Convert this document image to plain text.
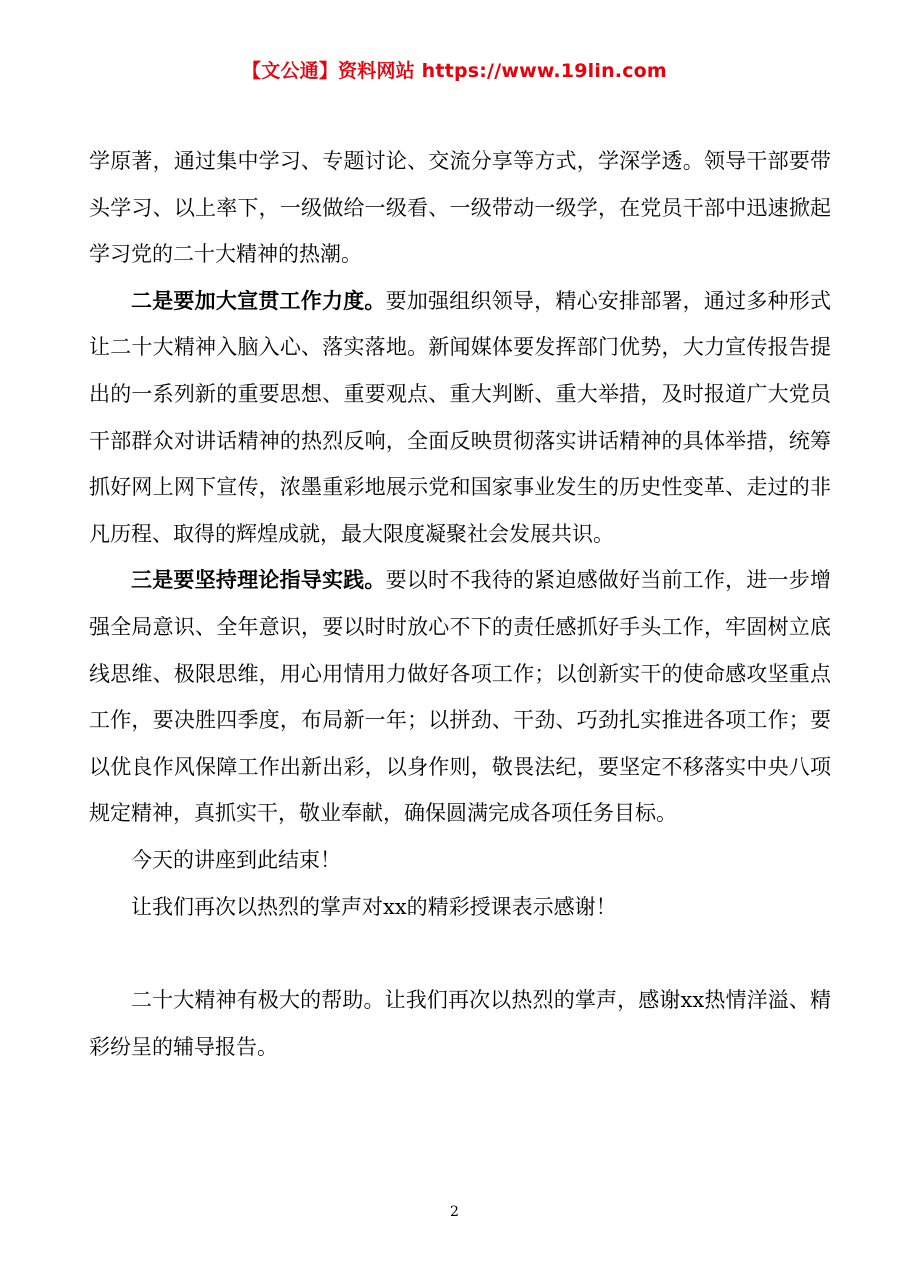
【文公通】资料网站 https://www.19lin.com

学原著，通过集中学习、专题讨论、交流分享等方式，学深学透。领导干部要带头学习、以上率下，一级做给一级看、一级带动一级学，在党员干部中迅速掀起学习党的二十大精神的热潮。

二是要加大宣贯工作力度。要加强组织领导，精心安排部署，通过多种形式让二十大精神入脑入心、落实落地。新闻媒体要发挥部门优势，大力宣传报告提出的一系列新的重要思想、重要观点、重大判断、重大举措，及时报道广大党员干部群众对讲话精神的热烈反响，全面反映贯彻落实讲话精神的具体举措，统筹抓好网上网下宣传，浓墨重彩地展示党和国家事业发生的历史性变革、走过的非凡历程、取得的辉煌成就，最大限度凝聚社会发展共识。

三是要坚持理论指导实践。要以时不我待的紧迫感做好当前工作，进一步增强全局意识、全年意识，要以时时放心不下的责任感抓好手头工作，牢固树立底线思维、极限思维，用心用情用力做好各项工作；以创新实干的使命感攻坚重点工作，要决胜四季度，布局新一年；以拼劲、干劲、巧劲扎实推进各项工作；要以优良作风保障工作出新出彩，以身作则，敬畏法纪，要坚定不移落实中央八项规定精神，真抓实干，敬业奉献，确保圆满完成各项任务目标。

今天的讲座到此结束！

让我们再次以热烈的掌声对xx的精彩授课表示感谢！

二十大精神有极大的帮助。让我们再次以热烈的掌声，感谢xx热情洋溢、精彩纷呈的辅导报告。

2
